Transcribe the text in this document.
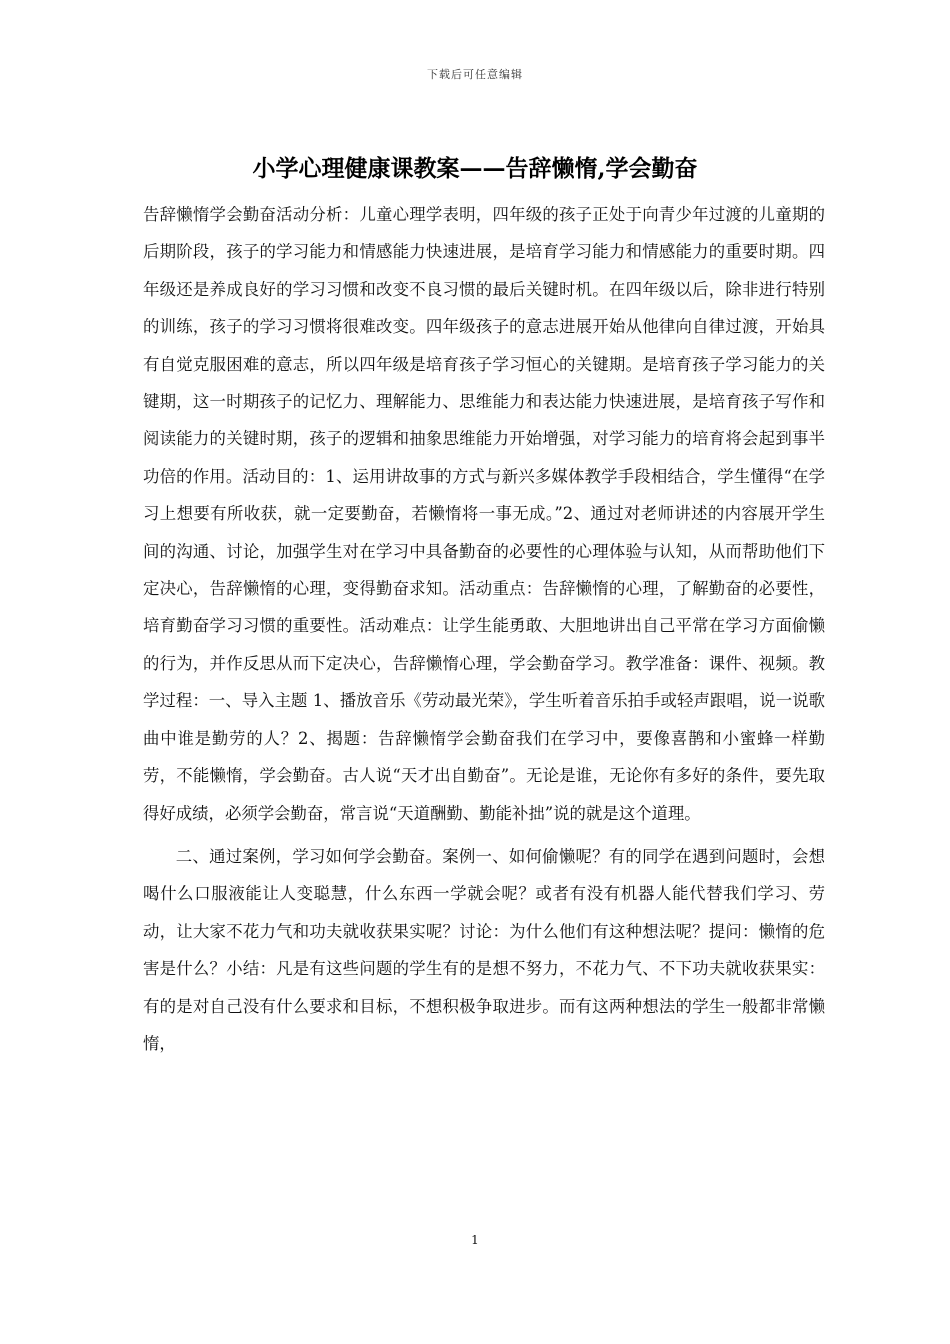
下载后可任意编辑
小学心理健康课教案——告辞懒惰,学会勤奋

告辞懒惰学会勤奋活动分析：儿童心理学表明，四年级的孩子正处于向青少年过渡的儿童期的后期阶段，孩子的学习能力和情感能力快速进展，是培育学习能力和情感能力的重要时期。四年级还是养成良好的学习习惯和改变不良习惯的最后关键时机。在四年级以后，除非进行特别的训练，孩子的学习习惯将很难改变。四年级孩子的意志进展开始从他律向自律过渡，开始具有自觉克服困难的意志，所以四年级是培育孩子学习恒心的关键期。是培育孩子学习能力的关键期，这一时期孩子的记忆力、理解能力、思维能力和表达能力快速进展，是培育孩子写作和阅读能力的关键时期，孩子的逻辑和抽象思维能力开始增强，对学习能力的培育将会起到事半功倍的作用。活动目的：1、运用讲故事的方式与新兴多媒体教学手段相结合，学生懂得“在学习上想要有所收获，就一定要勤奋，若懒惰将一事无成。”2、通过对老师讲述的内容展开学生间的沟通、讨论，加强学生对在学习中具备勤奋的必要性的心理体验与认知，从而帮助他们下定决心，告辞懒惰的心理，变得勤奋求知。活动重点：告辞懒惰的心理，了解勤奋的必要性，培育勤奋学习习惯的重要性。活动难点：让学生能勇敢、大胆地讲出自己平常在学习方面偷懒的行为，并作反思从而下定决心，告辞懒惰心理，学会勤奋学习。教学准备：课件、视频。教学过程：一、导入主题 1、播放音乐《劳动最光荣》，学生听着音乐拍手或轻声跟唱，说一说歌曲中谁是勤劳的人？2、揭题：告辞懒惰学会勤奋我们在学习中，要像喜鹊和小蜜蜂一样勤劳，不能懒惰，学会勤奋。古人说“天才出自勤奋”。无论是谁，无论你有多好的条件，要先取得好成绩，必须学会勤奋，常言说“天道酬勤、勤能补拙”说的就是这个道理。

二、通过案例，学习如何学会勤奋。案例一、如何偷懒呢？有的同学在遇到问题时，会想喝什么口服液能让人变聪慧，什么东西一学就会呢？或者有没有机器人能代替我们学习、劳动，让大家不花力气和功夫就收获果实呢？讨论：为什么他们有这种想法呢？提问：懒惰的危害是什么？小结：凡是有这些问题的学生有的是想不努力，不花力气、不下功夫就收获果实：有的是对自己没有什么要求和目标，不想积极争取进步。而有这两种想法的学生一般都非常懒惰，

1
